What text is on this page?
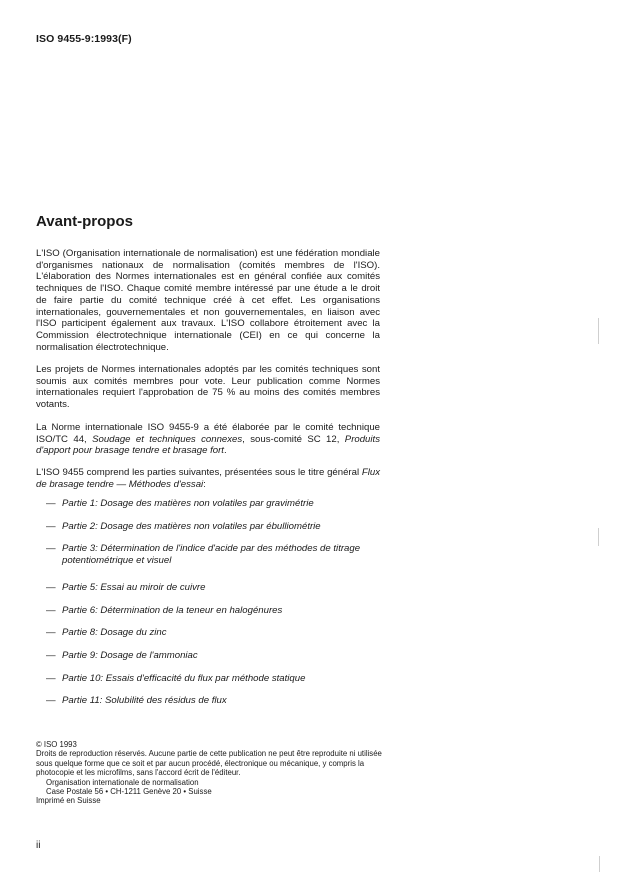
ISO 9455-9:1993(F)
Avant-propos

L'ISO (Organisation internationale de normalisation) est une fédération mondiale d'organismes nationaux de normalisation (comités membres de l'ISO). L'élaboration des Normes internationales est en général confiée aux comités techniques de l'ISO. Chaque comité membre intéressé par une étude a le droit de faire partie du comité technique créé à cet effet. Les organisations internationales, gouvernementales et non gouvernementales, en liaison avec l'ISO participent également aux travaux. L'ISO collabore étroitement avec la Commission électrotechnique internationale (CEI) en ce qui concerne la normalisation électrotechnique.

Les projets de Normes internationales adoptés par les comités techniques sont soumis aux comités membres pour vote. Leur publication comme Normes internationales requiert l'approbation de 75 % au moins des comités membres votants.

La Norme internationale ISO 9455-9 a été élaborée par le comité technique ISO/TC 44, Soudage et techniques connexes, sous-comité SC 12, Produits d'apport pour brasage tendre et brasage fort.

L'ISO 9455 comprend les parties suivantes, présentées sous le titre général Flux de brasage tendre — Méthodes d'essai:

— Partie 1: Dosage des matières non volatiles par gravimétrie
— Partie 2: Dosage des matières non volatiles par ébulliométrie
— Partie 3: Détermination de l'indice d'acide par des méthodes de titrage potentiométrique et visuel
— Partie 5: Essai au miroir de cuivre
— Partie 6: Détermination de la teneur en halogénures
— Partie 8: Dosage du zinc
— Partie 9: Dosage de l'ammoniac
— Partie 10: Essais d'efficacité du flux par méthode statique
— Partie 11: Solubilité des résidus de flux
© ISO 1993
Droits de reproduction réservés. Aucune partie de cette publication ne peut être reproduite ni utilisée sous quelque forme que ce soit et par aucun procédé, électronique ou mécanique, y compris la photocopie et les microfilms, sans l'accord écrit de l'éditeur.
Organisation internationale de normalisation
Case Postale 56 • CH-1211 Genève 20 • Suisse
Imprimé en Suisse
ii
